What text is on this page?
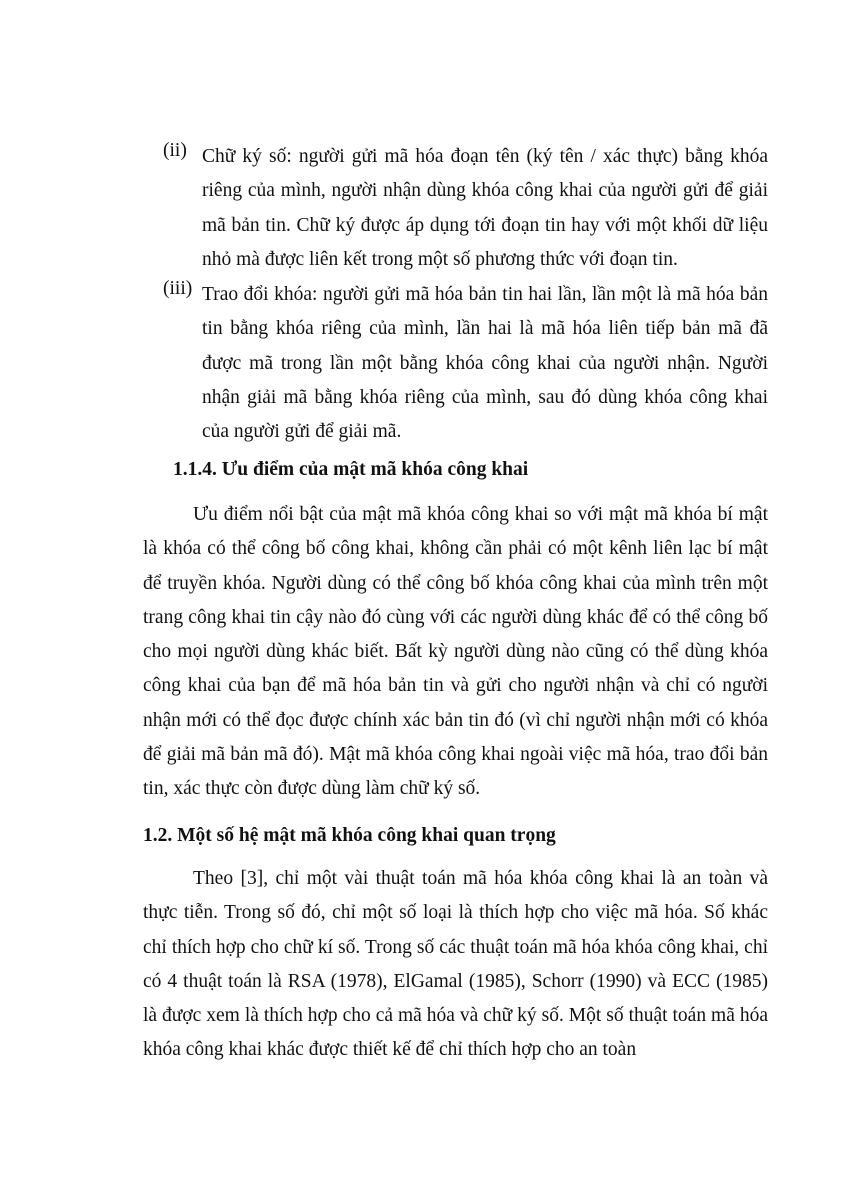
(ii) Chữ ký số: người gửi mã hóa đoạn tên (ký tên / xác thực) bằng khóa riêng của mình, người nhận dùng khóa công khai của người gửi để giải mã bản tin. Chữ ký được áp dụng tới đoạn tin hay với một khối dữ liệu nhỏ mà được liên kết trong một số phương thức với đoạn tin.
(iii) Trao đổi khóa: người gửi mã hóa bản tin hai lần, lần một là mã hóa bản tin bằng khóa riêng của mình, lần hai là mã hóa liên tiếp bản mã đã được mã trong lần một bằng khóa công khai của người nhận. Người nhận giải mã bằng khóa riêng của mình, sau đó dùng khóa công khai của người gửi để giải mã.
1.1.4. Ưu điểm của mật mã khóa công khai
Ưu điểm nổi bật của mật mã khóa công khai so với mật mã khóa bí mật là khóa có thể công bố công khai, không cần phải có một kênh liên lạc bí mật để truyền khóa. Người dùng có thể công bố khóa công khai của mình trên một trang công khai tin cậy nào đó cùng với các người dùng khác để có thể công bố cho mọi người dùng khác biết. Bất kỳ người dùng nào cũng có thể dùng khóa công khai của bạn để mã hóa bản tin và gửi cho người nhận và chỉ có người nhận mới có thể đọc được chính xác bản tin đó (vì chỉ người nhận mới có khóa để giải mã bản mã đó). Mật mã khóa công khai ngoài việc mã hóa, trao đổi bản tin, xác thực còn được dùng làm chữ ký số.
1.2. Một số hệ mật mã khóa công khai quan trọng
Theo [3], chỉ một vài thuật toán mã hóa khóa công khai là an toàn và thực tiễn. Trong số đó, chỉ một số loại là thích hợp cho việc mã hóa. Số khác chỉ thích hợp cho chữ kí số. Trong số các thuật toán mã hóa khóa công khai, chỉ có 4 thuật toán là RSA (1978), ElGamal (1985), Schorr (1990) và ECC (1985) là được xem là thích hợp cho cả mã hóa và chữ ký số. Một số thuật toán mã hóa khóa công khai khác được thiết kế để chỉ thích hợp cho an toàn
